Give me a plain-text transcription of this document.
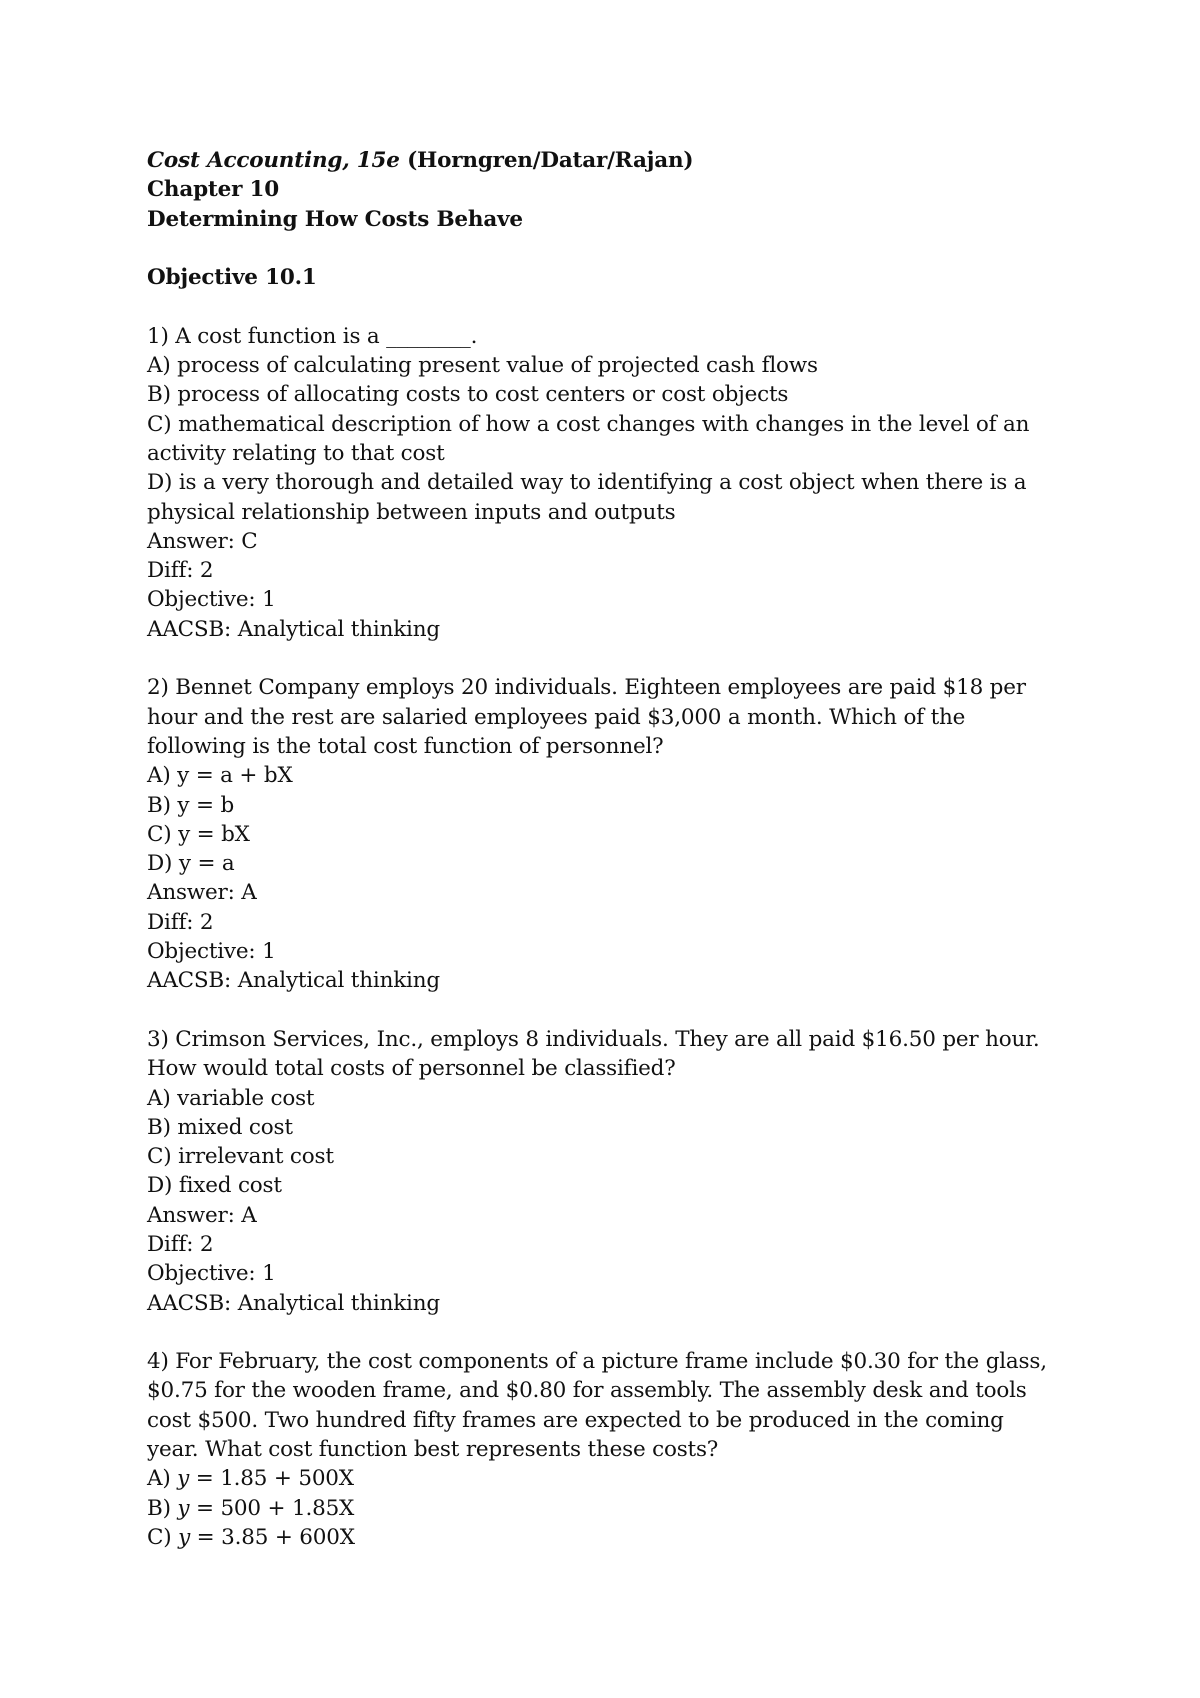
Cost Accounting, 15e (Horngren/Datar/Rajan)
Chapter 10
Determining How Costs Behave
Objective 10.1
1) A cost function is a ________.
A) process of calculating present value of projected cash flows
B) process of allocating costs to cost centers or cost objects
C) mathematical description of how a cost changes with changes in the level of an
activity relating to that cost
D) is a very thorough and detailed way to identifying a cost object when there is a
physical relationship between inputs and outputs
Answer: C
Diff: 2
Objective: 1
AACSB: Analytical thinking
2) Bennet Company employs 20 individuals. Eighteen employees are paid $18 per
hour and the rest are salaried employees paid $3,000 a month. Which of the
following is the total cost function of personnel?
A) y = a + bX
B) y = b
C) y = bX
D) y = a
Answer: A
Diff: 2
Objective: 1
AACSB: Analytical thinking
3) Crimson Services, Inc., employs 8 individuals. They are all paid $16.50 per hour.
How would total costs of personnel be classified?
A) variable cost
B) mixed cost
C) irrelevant cost
D) fixed cost
Answer: A
Diff: 2
Objective: 1
AACSB: Analytical thinking
4) For February, the cost components of a picture frame include $0.30 for the glass,
$0.75 for the wooden frame, and $0.80 for assembly. The assembly desk and tools
cost $500. Two hundred fifty frames are expected to be produced in the coming
year. What cost function best represents these costs?
A) y = 1.85 + 500X
B) y = 500 + 1.85X
C) y = 3.85 + 600X
